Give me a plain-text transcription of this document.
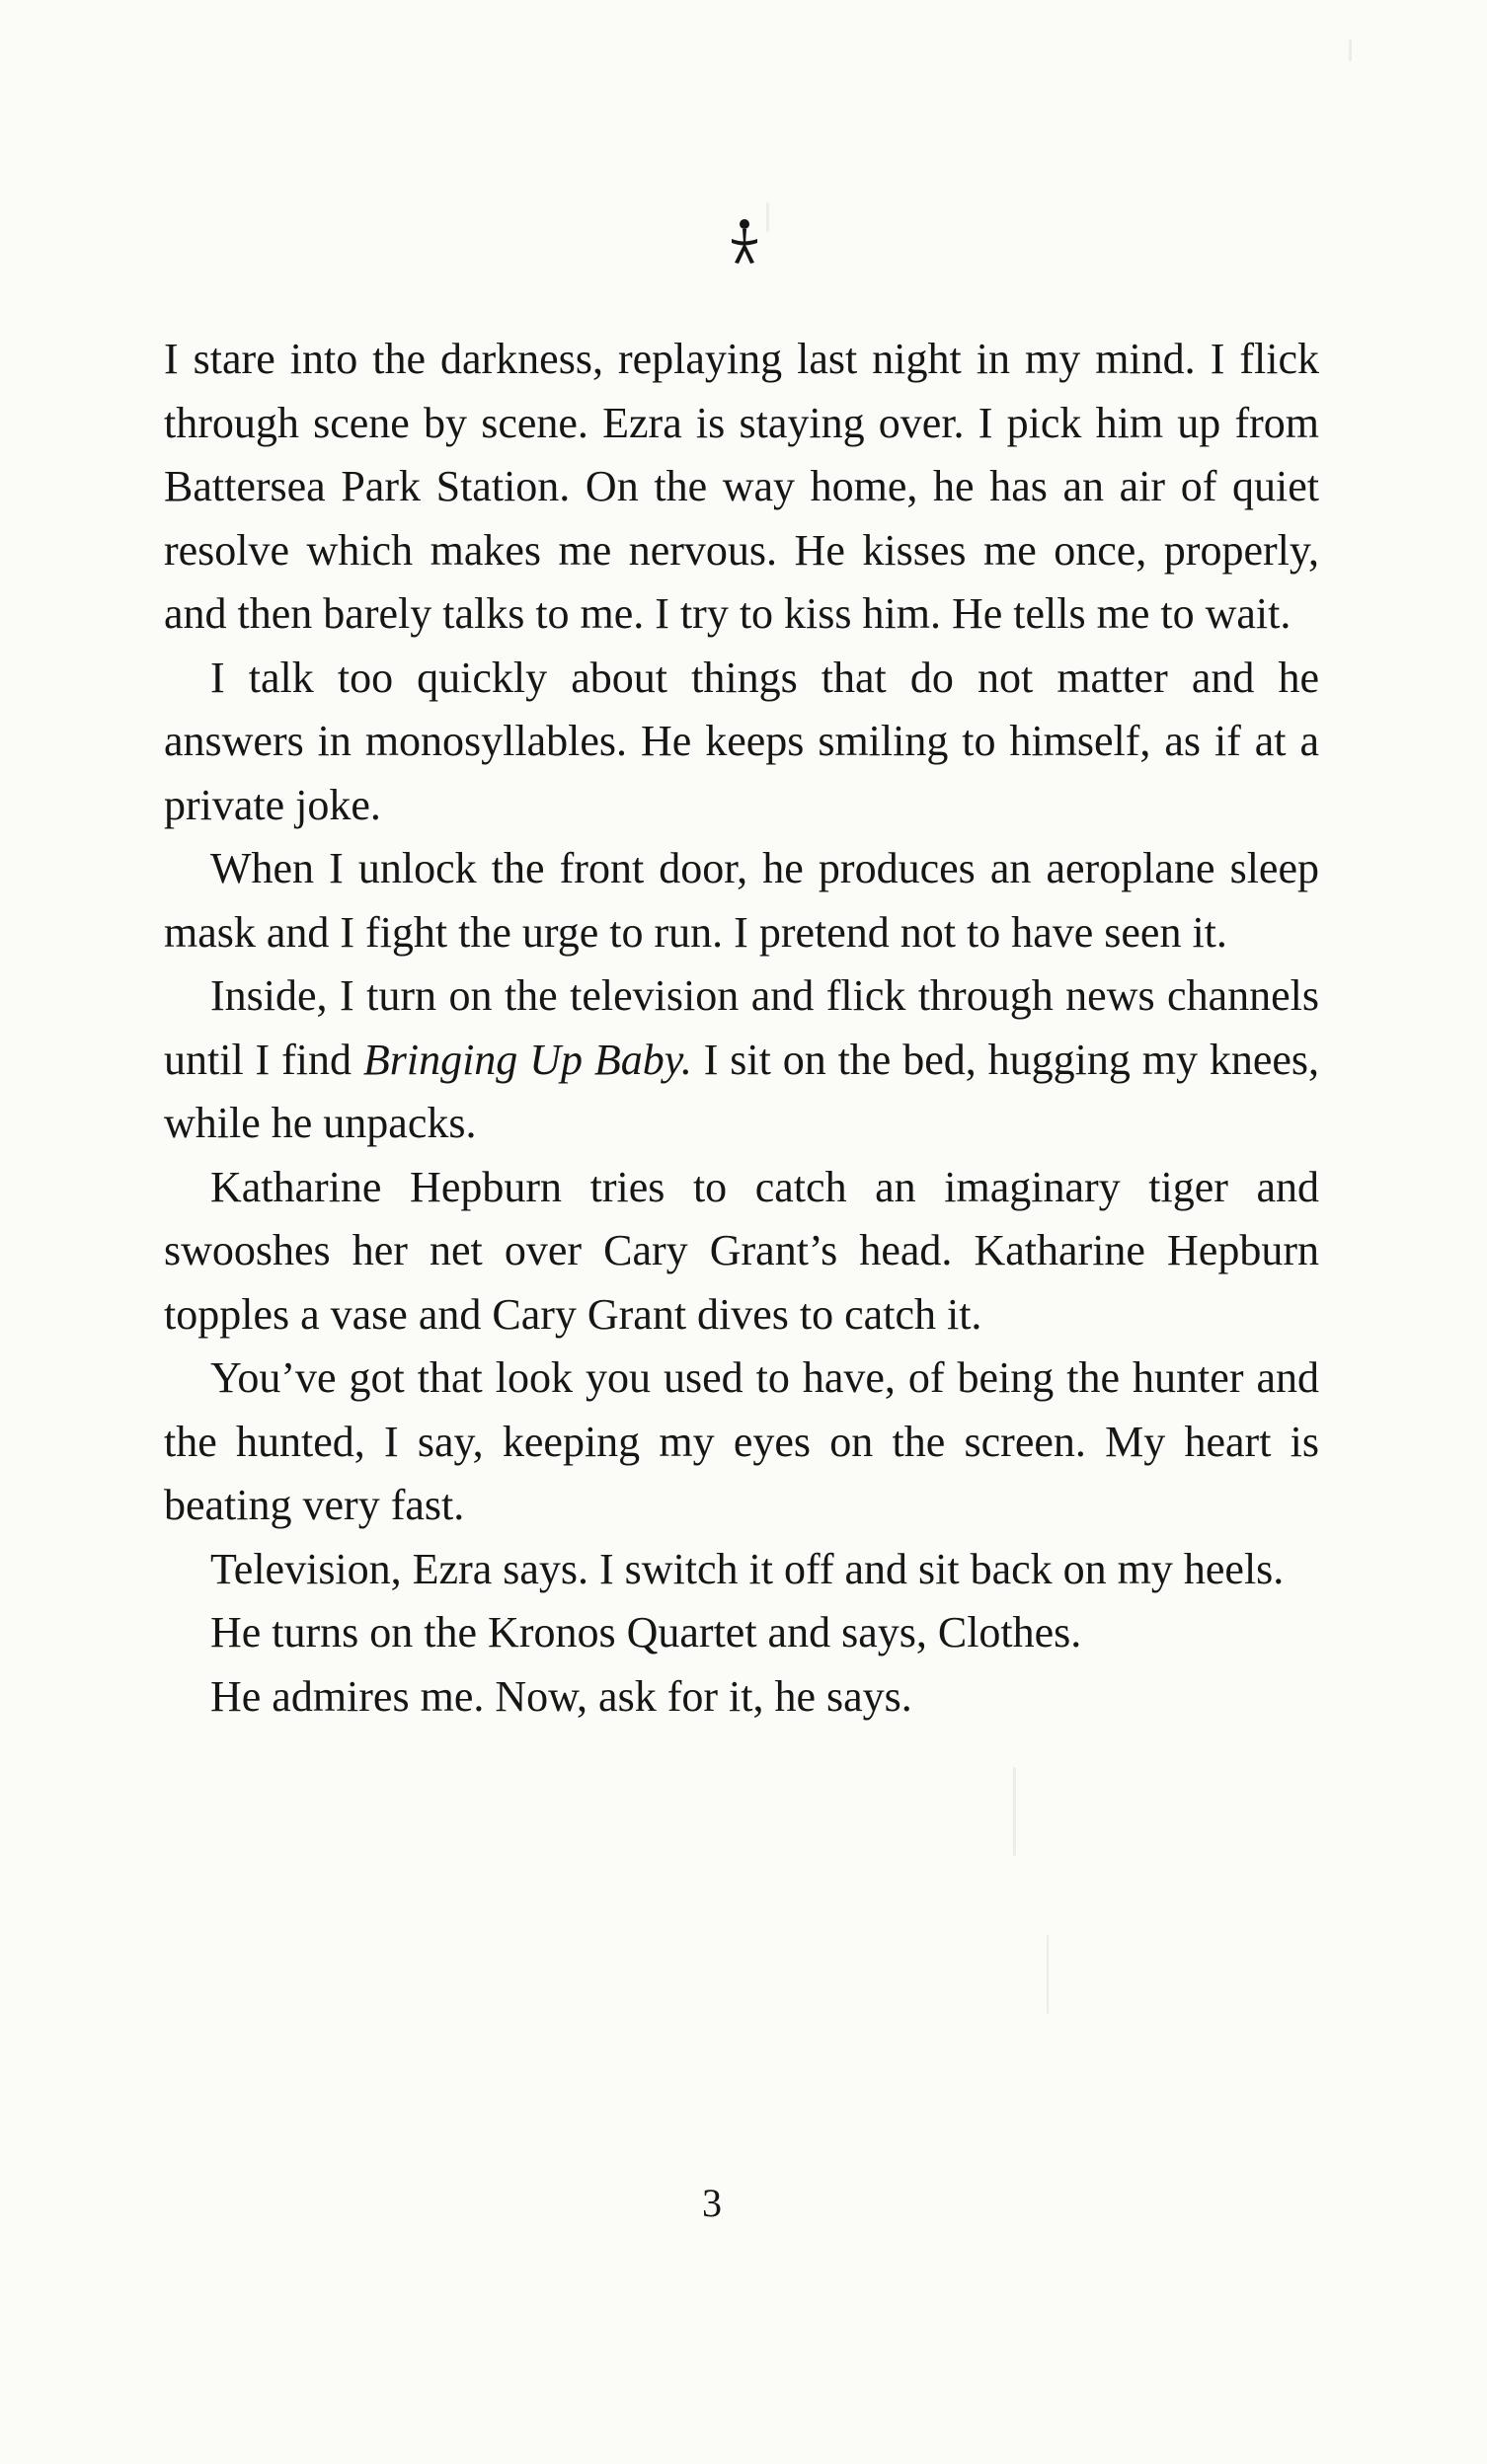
I stare into the darkness, replaying last night in my mind. I flick through scene by scene. Ezra is staying over. I pick him up from Battersea Park Station. On the way home, he has an air of quiet resolve which makes me nervous. He kisses me once, properly, and then barely talks to me. I try to kiss him. He tells me to wait.

I talk too quickly about things that do not matter and he answers in monosyllables. He keeps smiling to himself, as if at a private joke.

When I unlock the front door, he produces an aeroplane sleep mask and I fight the urge to run. I pretend not to have seen it.

Inside, I turn on the television and flick through news channels until I find Bringing Up Baby. I sit on the bed, hugging my knees, while he unpacks.

Katharine Hepburn tries to catch an imaginary tiger and swooshes her net over Cary Grant’s head. Katharine Hepburn topples a vase and Cary Grant dives to catch it.

You’ve got that look you used to have, of being the hunter and the hunted, I say, keeping my eyes on the screen. My heart is beating very fast.

Television, Ezra says. I switch it off and sit back on my heels.

He turns on the Kronos Quartet and says, Clothes.

He admires me. Now, ask for it, he says.

3
